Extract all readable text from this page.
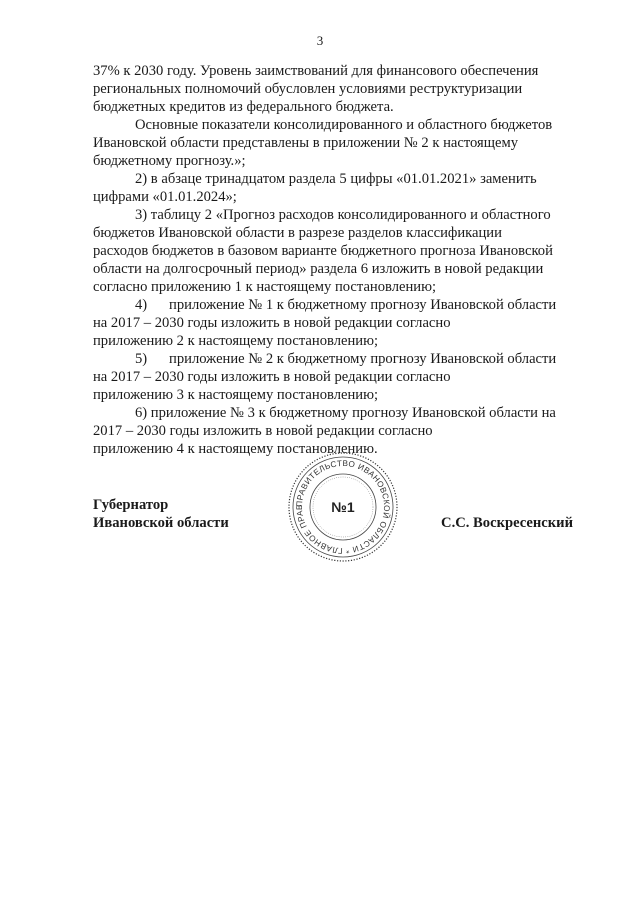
3

37% к 2030 году. Уровень заимствований для финансового обеспечения
региональных полномочий обусловлен условиями реструктуризации
бюджетных кредитов из федерального бюджета.

Основные показатели консолидированного и областного бюджетов
Ивановской области представлены в приложении № 2 к настоящему
бюджетному прогнозу.»;

2) в абзаце тринадцатом раздела 5 цифры «01.01.2021» заменить
цифрами «01.01.2024»;

3) таблицу 2 «Прогноз расходов консолидированного и областного
бюджетов Ивановской области в разрезе разделов классификации
расходов бюджетов в базовом варианте бюджетного прогноза Ивановской
области на долгосрочный период» раздела 6 изложить в новой редакции
согласно приложению 1 к настоящему постановлению;

4)      приложение № 1 к бюджетному прогнозу Ивановской области
на 2017 – 2030 годы изложить в новой редакции согласно
приложению 2 к настоящему постановлению;

5)      приложение № 2 к бюджетному прогнозу Ивановской области
на 2017 – 2030 годы изложить в новой редакции согласно
приложению 3 к настоящему постановлению;

6) приложение № 3 к бюджетному прогнозу Ивановской области на
2017 – 2030 годы изложить в новой редакции согласно
приложению 4 к настоящему постановлению.

ПРАВИТЕЛЬСТВО ИВАНОВСКОЙ ОБЛАСТИ * ГЛАВНОЕ ПРАВ	№1
Губернатор
Ивановской области	С.С. Воскресенский
